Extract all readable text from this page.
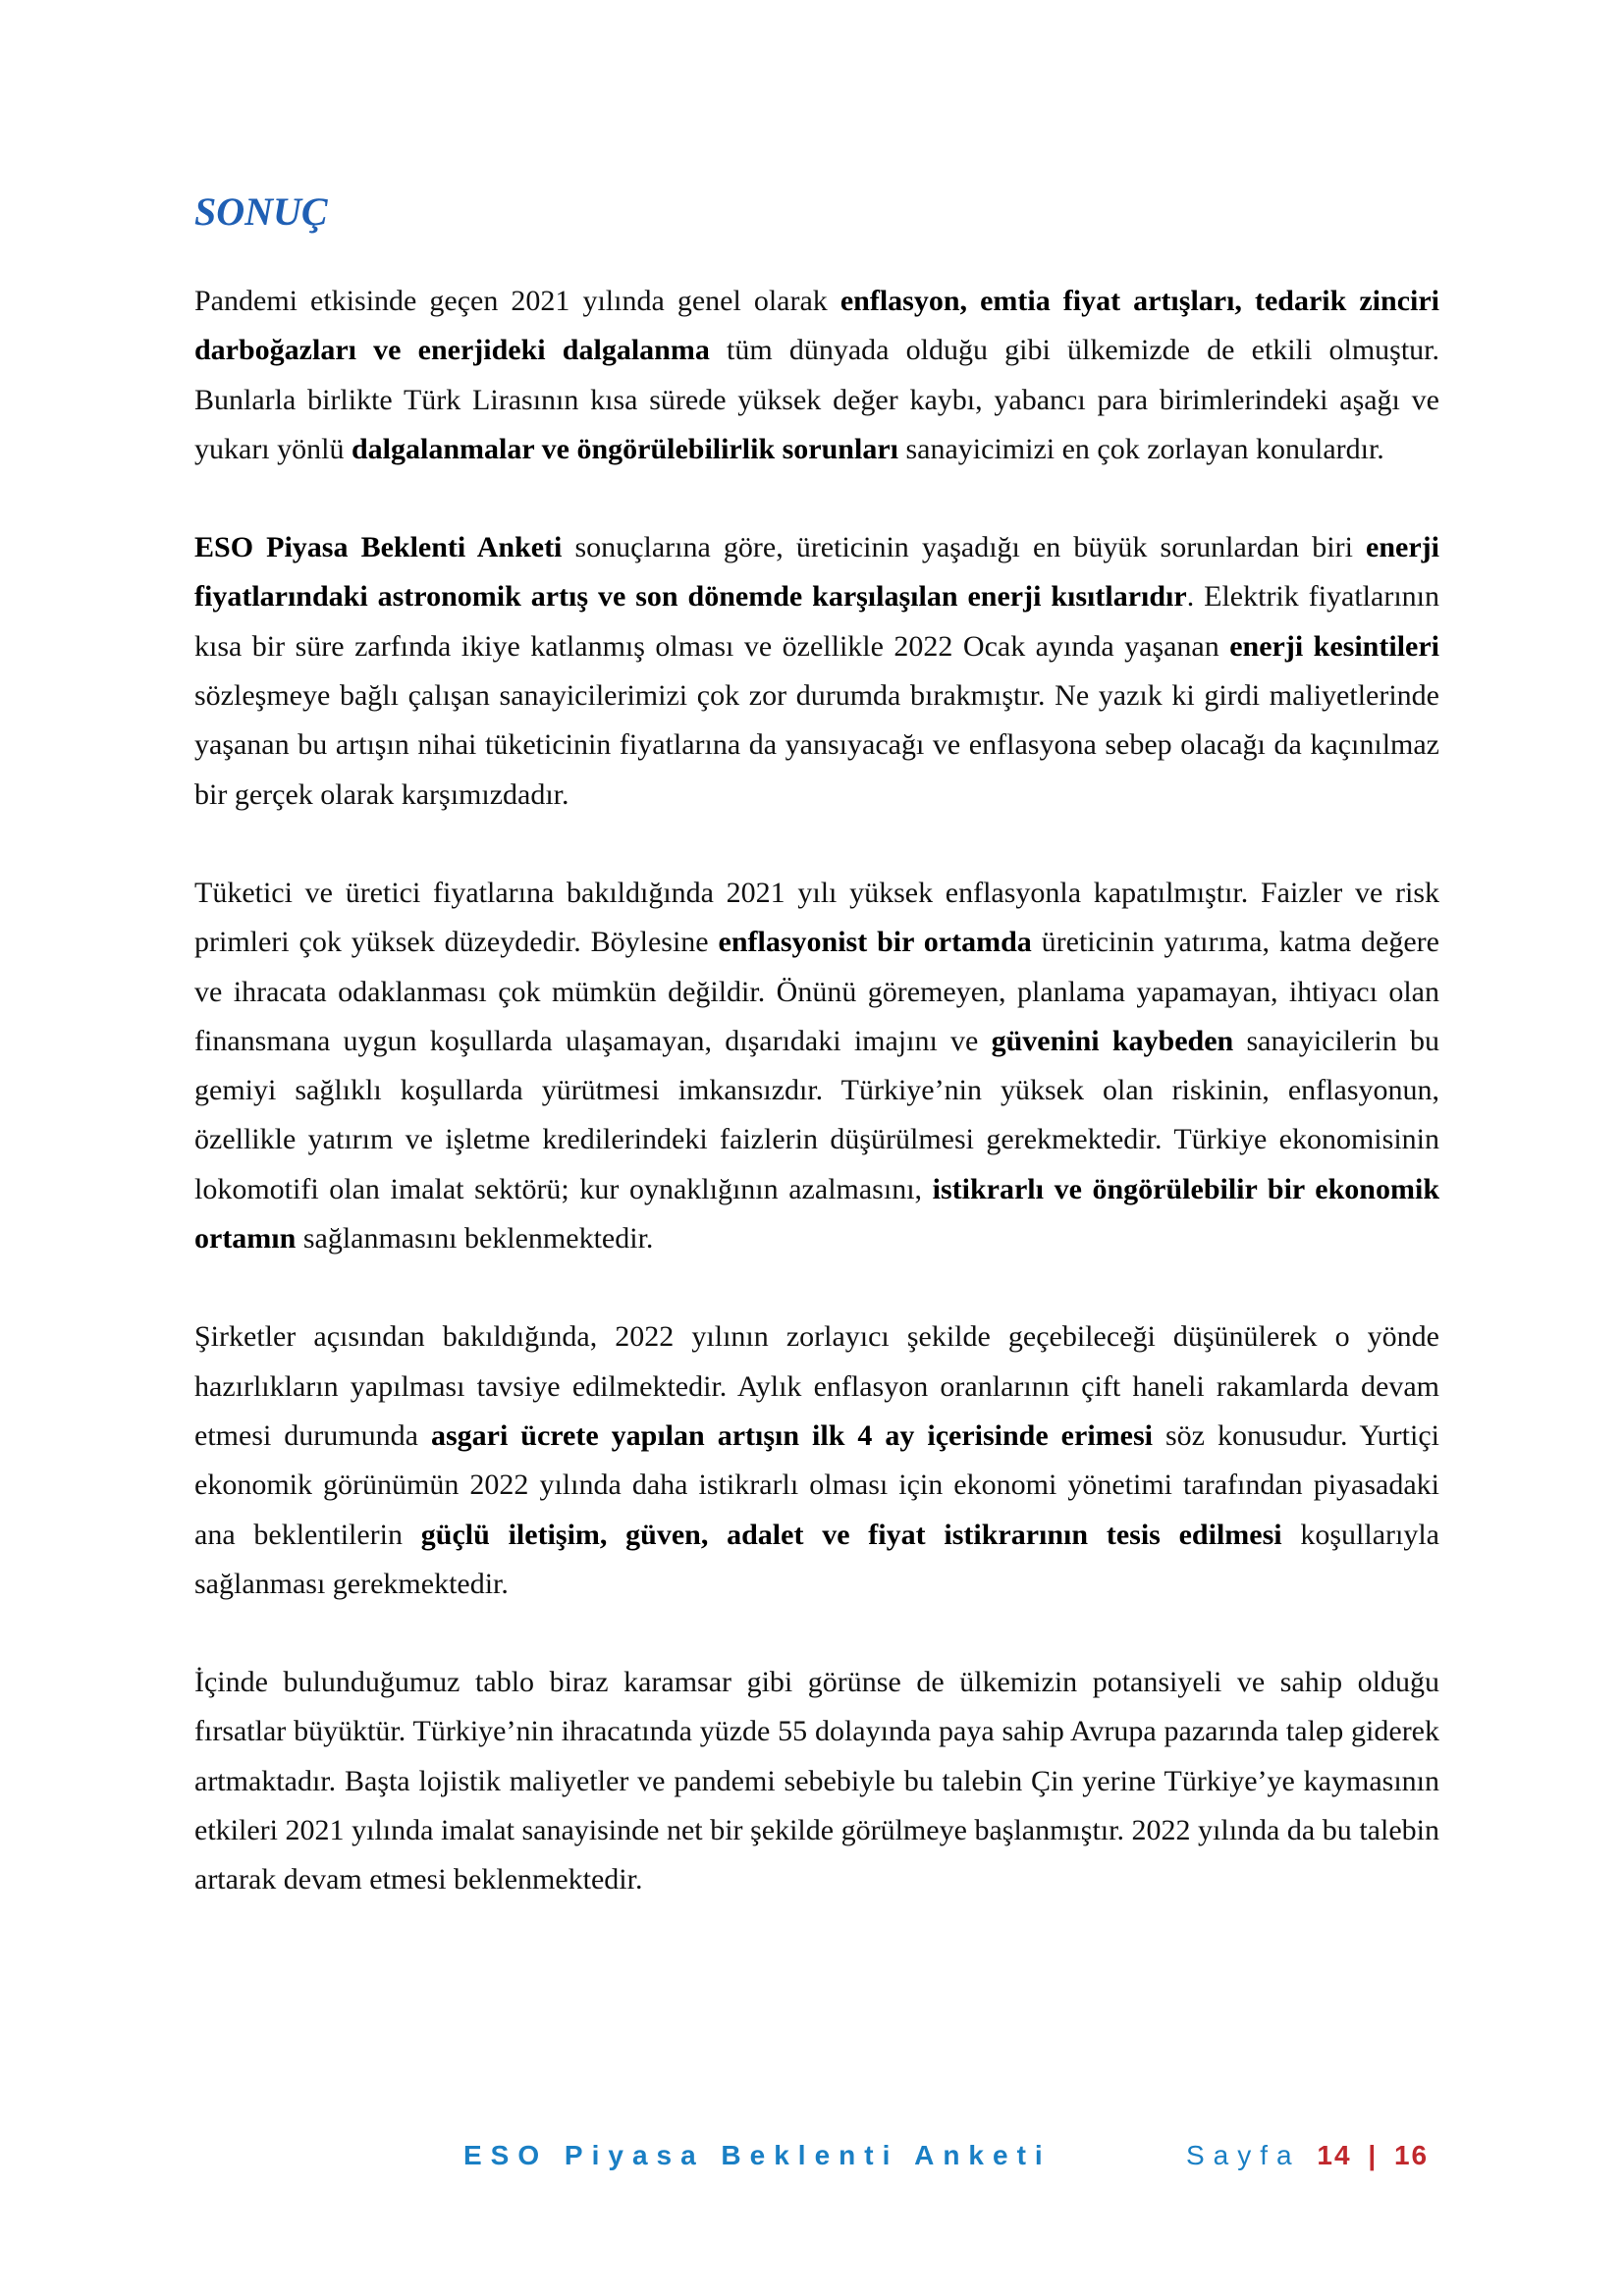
SONUÇ

Pandemi etkisinde geçen 2021 yılında genel olarak enflasyon, emtia fiyat artışları, tedarik zinciri darboğazları ve enerjideki dalgalanma tüm dünyada olduğu gibi ülkemizde de etkili olmuştur. Bunlarla birlikte Türk Lirasının kısa sürede yüksek değer kaybı, yabancı para birimlerindeki aşağı ve yukarı yönlü dalgalanmalar ve öngörülebilirlik sorunları sanayicimizi en çok zorlayan konulardır.

ESO Piyasa Beklenti Anketi sonuçlarına göre, üreticinin yaşadığı en büyük sorunlardan biri enerji fiyatlarındaki astronomik artış ve son dönemde karşılaşılan enerji kısıtlarıdır. Elektrik fiyatlarının kısa bir süre zarfında ikiye katlanmış olması ve özellikle 2022 Ocak ayında yaşanan enerji kesintileri sözleşmeye bağlı çalışan sanayicilerimizi çok zor durumda bırakmıştır. Ne yazık ki girdi maliyetlerinde yaşanan bu artışın nihai tüketicinin fiyatlarına da yansıyacağı ve enflasyona sebep olacağı da kaçınılmaz bir gerçek olarak karşımızdadır.

Tüketici ve üretici fiyatlarına bakıldığında 2021 yılı yüksek enflasyonla kapatılmıştır. Faizler ve risk primleri çok yüksek düzeydedir. Böylesine enflasyonist bir ortamda üreticinin yatırıma, katma değere ve ihracata odaklanması çok mümkün değildir. Önünü göremeyen, planlama yapamayan, ihtiyacı olan finansmana uygun koşullarda ulaşamayan, dışarıdaki imajını ve güvenini kaybeden sanayicilerin bu gemiyi sağlıklı koşullarda yürütmesi imkansızdır. Türkiye’nin yüksek olan riskinin, enflasyonun, özellikle yatırım ve işletme kredilerindeki faizlerin düşürülmesi gerekmektedir. Türkiye ekonomisinin lokomotifi olan imalat sektörü; kur oynaklığının azalmasını, istikrarlı ve öngörülebilir bir ekonomik ortamın sağlanmasını beklenmektedir.

Şirketler açısından bakıldığında, 2022 yılının zorlayıcı şekilde geçebileceği düşünülerek o yönde hazırlıkların yapılması tavsiye edilmektedir. Aylık enflasyon oranlarının çift haneli rakamlarda devam etmesi durumunda asgari ücrete yapılan artışın ilk 4 ay içerisinde erimesi söz konusudur. Yurtiçi ekonomik görünümün 2022 yılında daha istikrarlı olması için ekonomi yönetimi tarafından piyasadaki ana beklentilerin güçlü iletişim, güven, adalet ve fiyat istikrarının tesis edilmesi koşullarıyla sağlanması gerekmektedir.

İçinde bulunduğumuz tablo biraz karamsar gibi görünse de ülkemizin potansiyeli ve sahip olduğu fırsatlar büyüktür. Türkiye’nin ihracatında yüzde 55 dolayında paya sahip Avrupa pazarında talep giderek artmaktadır. Başta lojistik maliyetler ve pandemi sebebiyle bu talebin Çin yerine Türkiye’ye kaymasının etkileri 2021 yılında imalat sanayisinde net bir şekilde görülmeye başlanmıştır. 2022 yılında da bu talebin artarak devam etmesi beklenmektedir.

ESO Piyasa Beklenti Anketi	Sayfa 14 | 16
